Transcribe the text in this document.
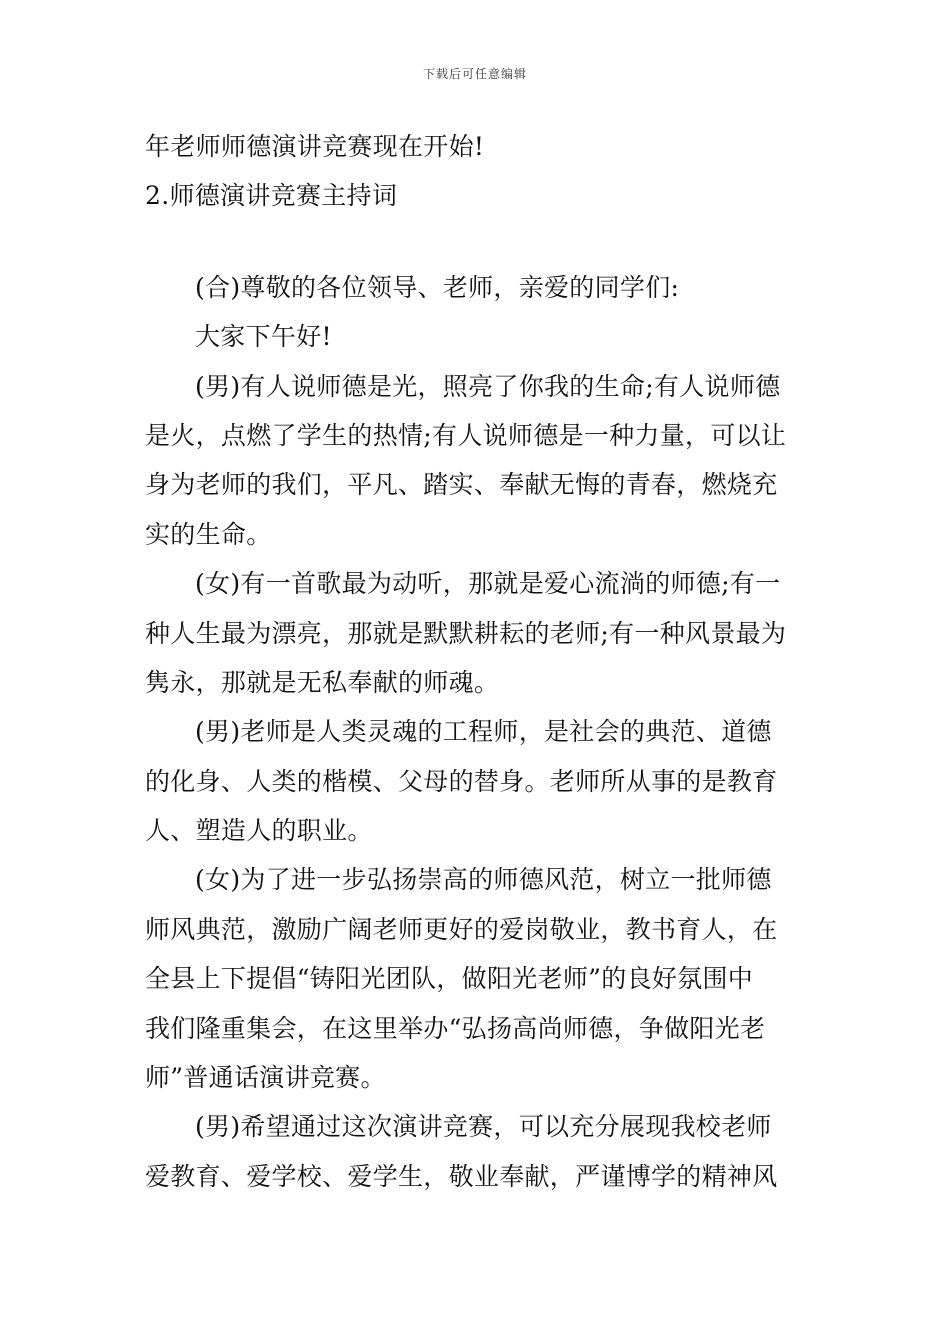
下载后可任意编辑
年老师师德演讲竞赛现在开始!
2.师德演讲竞赛主持词
(合)尊敬的各位领导、老师，亲爱的同学们:
大家下午好!
(男)有人说师德是光，照亮了你我的生命;有人说师德
是火，点燃了学生的热情;有人说师德是一种力量，可以让
身为老师的我们，平凡、踏实、奉献无悔的青春，燃烧充
实的生命。
(女)有一首歌最为动听，那就是爱心流淌的师德;有一
种人生最为漂亮，那就是默默耕耘的老师;有一种风景最为
隽永，那就是无私奉献的师魂。
(男)老师是人类灵魂的工程师，是社会的典范、道德
的化身、人类的楷模、父母的替身。老师所从事的是教育
人、塑造人的职业。
(女)为了进一步弘扬崇高的师德风范，树立一批师德
师风典范，激励广阔老师更好的爱岗敬业，教书育人，在
全县上下提倡“铸阳光团队，做阳光老师”的良好氛围中
我们隆重集会，在这里举办“弘扬高尚师德，争做阳光老
师”普通话演讲竞赛。
(男)希望通过这次演讲竞赛，可以充分展现我校老师
爱教育、爱学校、爱学生，敬业奉献，严谨博学的精神风
